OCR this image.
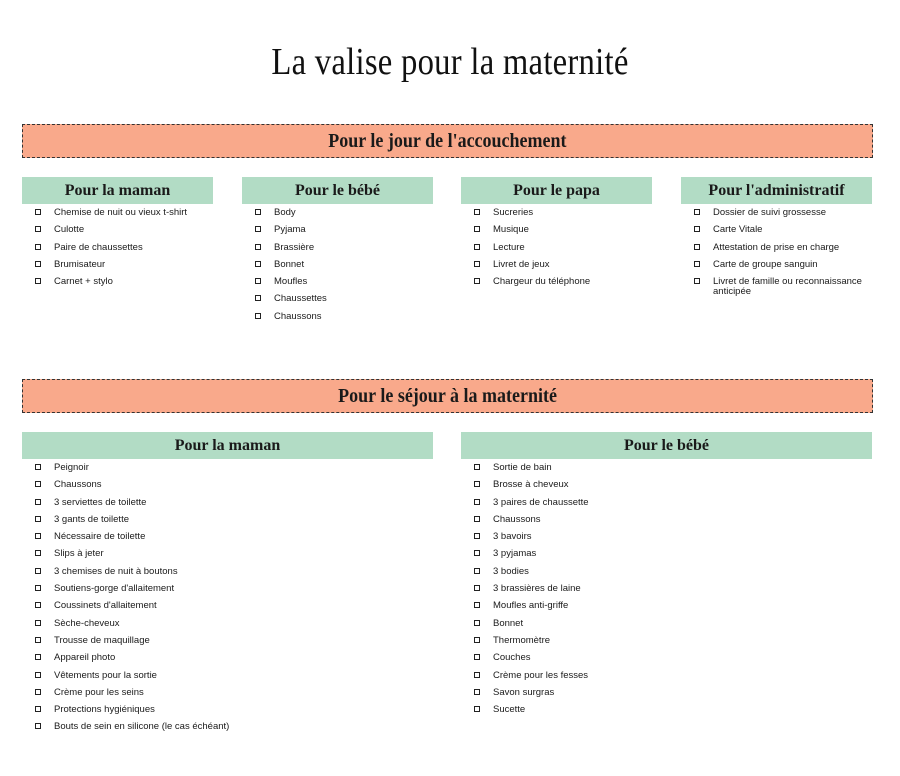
La valise pour la maternité
Pour le jour de l'accouchement
Pour la maman
Chemise de nuit ou vieux t-shirt
Culotte
Paire de chaussettes
Brumisateur
Carnet + stylo
Pour le bébé
Body
Pyjama
Brassière
Bonnet
Moufles
Chaussettes
Chaussons
Pour le papa
Sucreries
Musique
Lecture
Livret de jeux
Chargeur du téléphone
Pour l'administratif
Dossier de suivi grossesse
Carte Vitale
Attestation de prise en charge
Carte de groupe sanguin
Livret de famille ou reconnaissance anticipée
Pour le séjour à la maternité
Pour la maman
Peignoir
Chaussons
3 serviettes de toilette
3 gants de toilette
Nécessaire de toilette
Slips à jeter
3 chemises de nuit à boutons
Soutiens-gorge d'allaitement
Coussinets d'allaitement
Sèche-cheveux
Trousse de maquillage
Appareil photo
Vêtements pour la sortie
Crème pour les seins
Protections hygiéniques
Bouts de sein en silicone (le cas échéant)
Pour le bébé
Sortie de bain
Brosse à cheveux
3 paires de chaussette
Chaussons
3 bavoirs
3 pyjamas
3 bodies
3 brassières de laine
Moufles anti-griffe
Bonnet
Thermomètre
Couches
Crème pour les fesses
Savon surgras
Sucette
